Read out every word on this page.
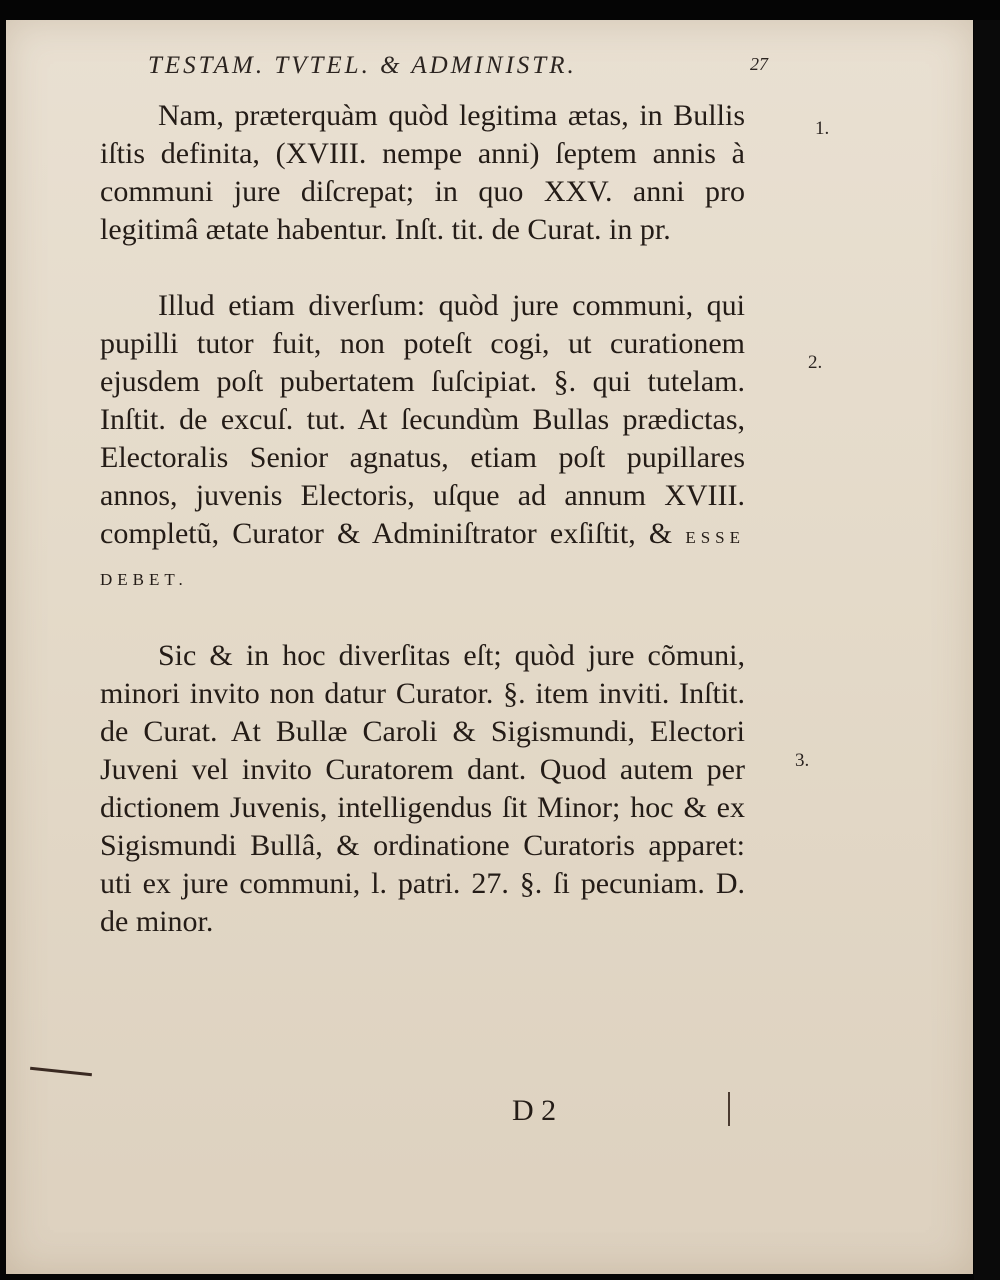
TESTAM. TVTEL. & ADMINISTR.	27

Nam, prӕterquàm quòd legitima ӕtas, in Bullis iſtis definita, (XVIII. nempe anni) ſeptem annis à communi jure diſcrepat; in quo XXV. anni pro legitimâ ӕtate habentur. Inſt. tit. de Curat. in pr.

Illud etiam diverſum: quòd jure communi, qui pupilli tutor fuit, non poteſt cogi, ut curationem ejusdem poſt pubertatem ſuſcipiat. §. qui tutelam. Inſtit. de excuſ. tut. At ſecundùm Bullas prӕdictas, Electoralis Senior agnatus, etiam poſt pupillares annos, juvenis Electoris, uſque ad annum XVIII. completũ, Curator & Adminiſtrator exſiſtit, & ESSE DEBET.

Sic & in hoc diverſitas eſt; quòd jure cõmuni, minori invito non datur Curator. §. item inviti. Inſtit. de Curat. At Bullӕ Caroli & Sigismundi, Electori Juveni vel invito Curatorem dant. Quod autem per dictionem Juvenis, intelligendus ſit Minor; hoc & ex Sigismundi Bullâ, & ordinatione Curatoris apparet: uti ex jure communi, l. patri. 27. §. ſi pecuniam. D. de minor.

1.
2.
3.
D 2
